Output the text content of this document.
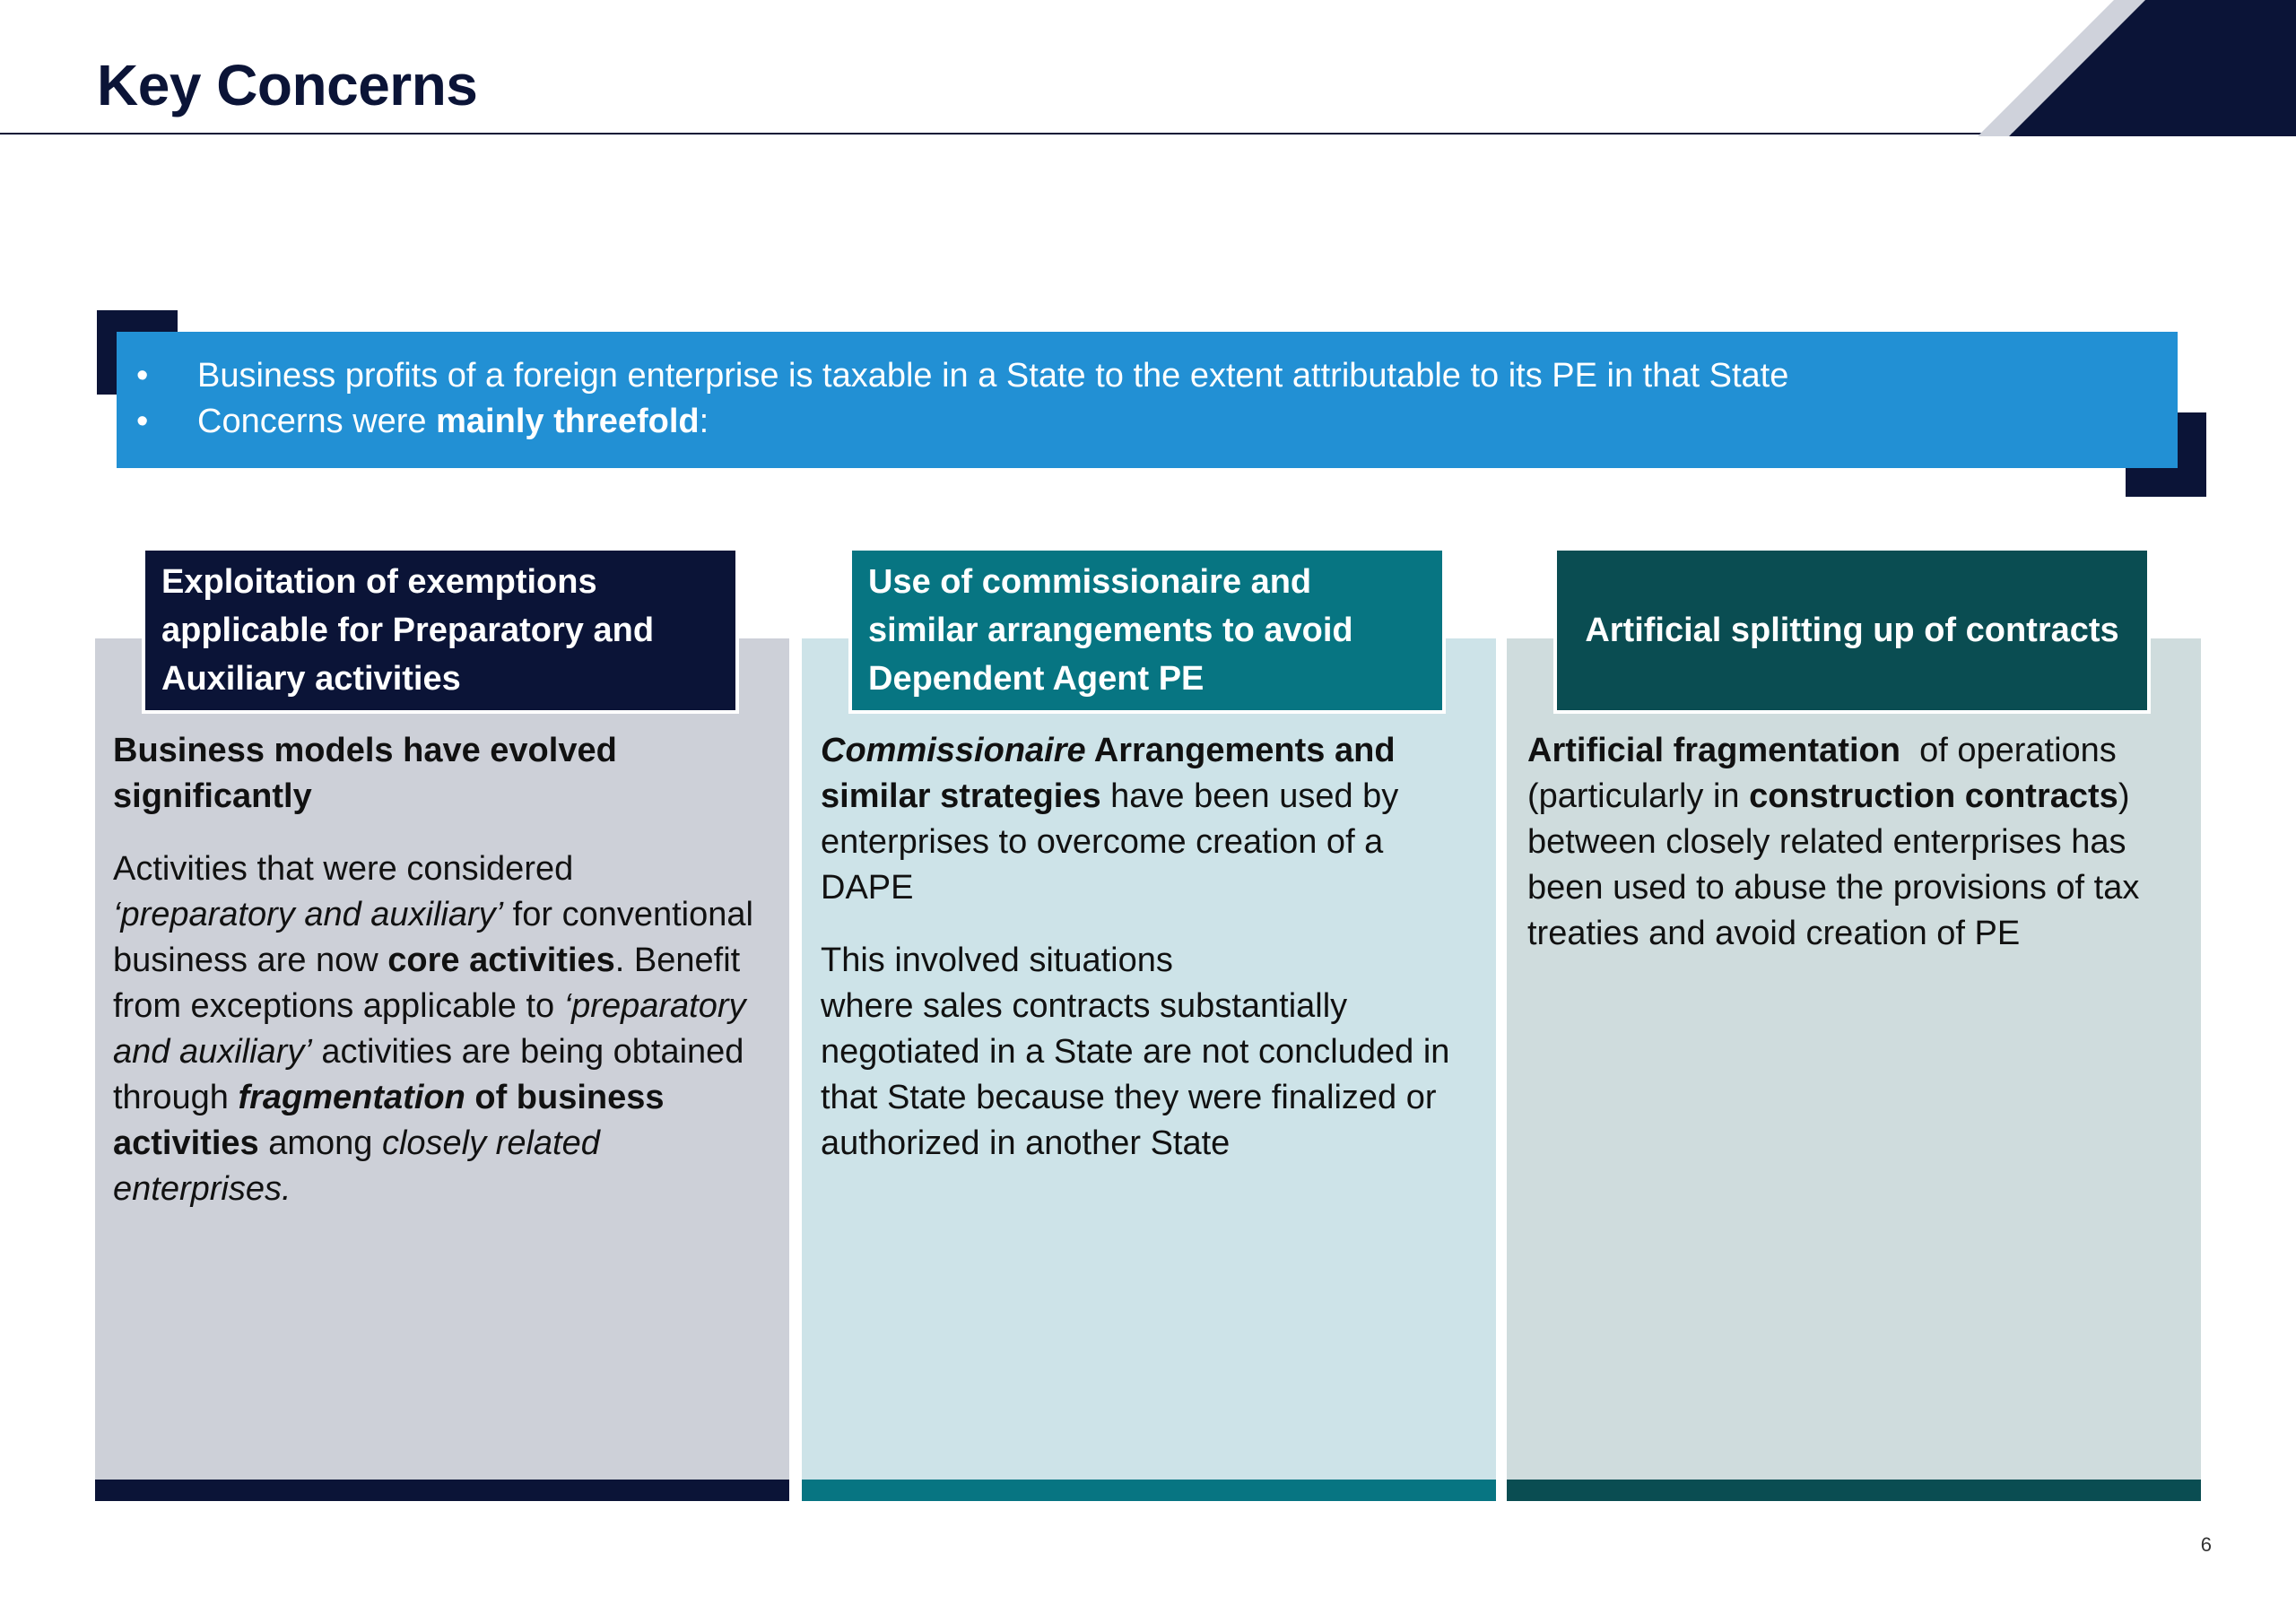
Key Concerns
• Business profits of a foreign enterprise is taxable in a State to the extent attributable to its PE in that State
• Concerns were mainly threefold:
Exploitation of exemptions applicable for Preparatory and Auxiliary activities

Business models have evolved significantly

Activities that were considered ‘preparatory and auxiliary’ for conventional business are now core activities. Benefit from exceptions applicable to ‘preparatory and auxiliary’ activities are being obtained through fragmentation of business activities among closely related enterprises.

Use of commissionaire and similar arrangements to avoid Dependent Agent PE

Commissionaire Arrangements and similar strategies have been used by enterprises to overcome creation of a DAPE

This involved situations

where sales contracts substantially negotiated in a State are not concluded in that State because they were finalized or authorized in another State

Artificial splitting up of contracts

Artificial fragmentation  of operations (particularly in construction contracts) between closely related enterprises has been used to abuse the provisions of tax treaties and avoid creation of PE

6
